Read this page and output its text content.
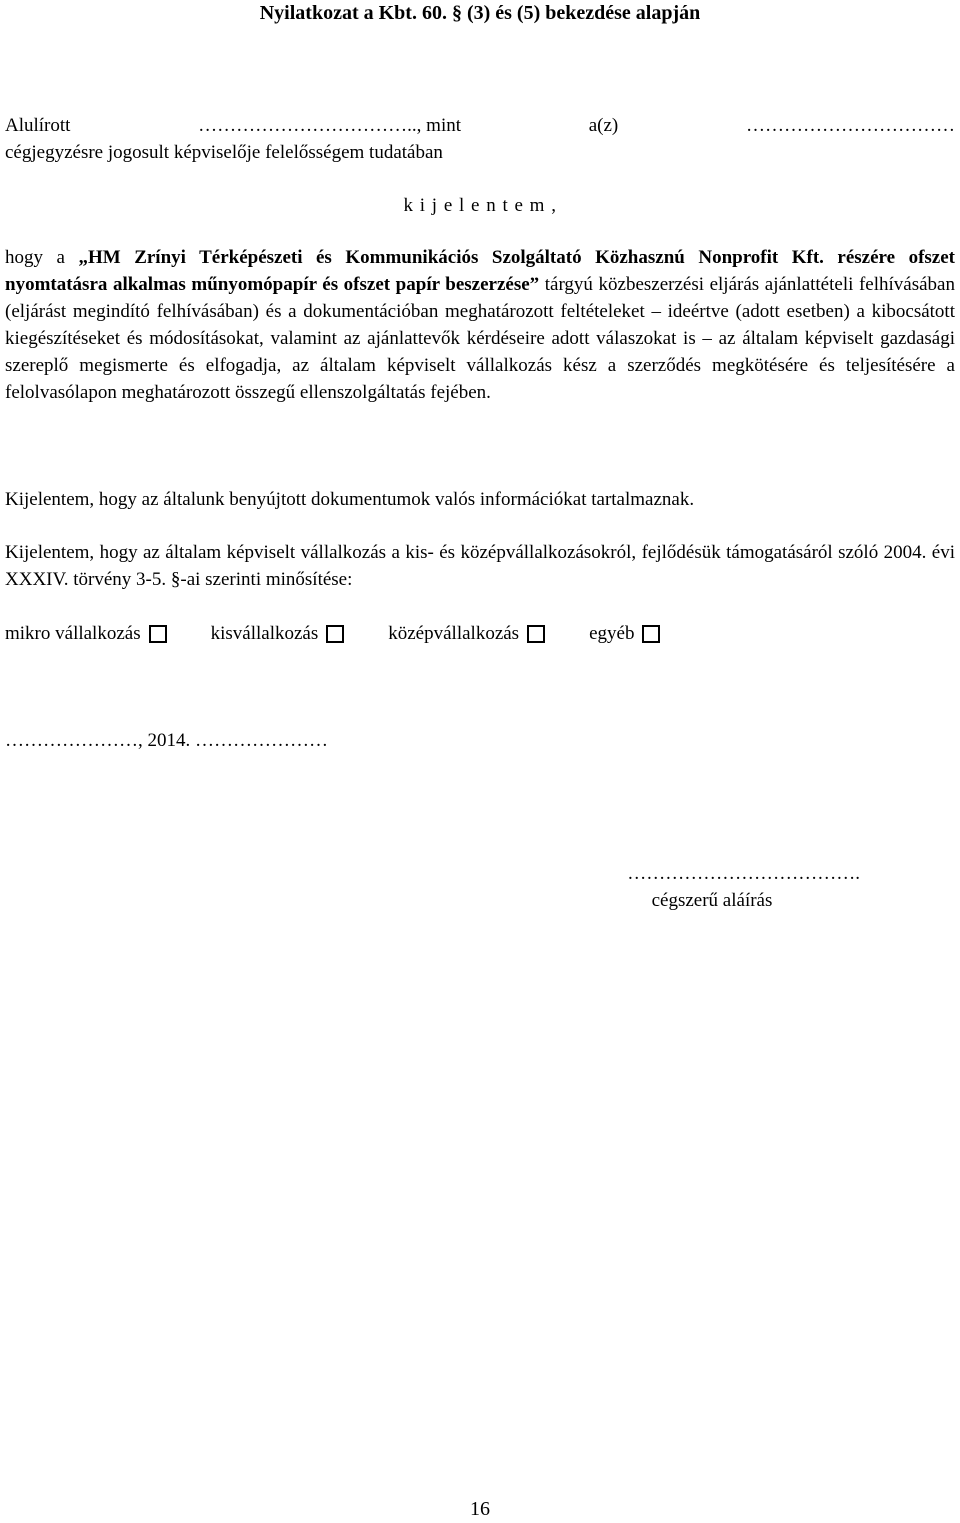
Nyilatkozat a Kbt. 60. § (3) és (5) bekezdése alapján
Alulírott	…………………………….., mint	a(z)	……………………………
cégjegyzésre jogosult képviselője felelősségem tudatában
k i j e l e n t e m ,
hogy a „HM Zrínyi Térképészeti és Kommunikációs Szolgáltató Közhasznú Nonprofit Kft. részére ofszet nyomtatásra alkalmas műnyomópapír és ofszet papír beszerzése” tárgyú közbeszerzési eljárás ajánlattételi felhívásában (eljárást megindító felhívásában) és a dokumentációban meghatározott feltételeket – ideértve (adott esetben) a kibocsátott kiegészítéseket és módosításokat, valamint az ajánlattevők kérdéseire adott válaszokat is – az általam képviselt gazdasági szereplő megismerte és elfogadja, az általam képviselt vállalkozás kész a szerződés megkötésére és teljesítésére a felolvasólapon meghatározott összegű ellenszolgáltatás fejében.
Kijelentem, hogy az általunk benyújtott dokumentumok valós információkat tartalmaznak.
Kijelentem, hogy az általam képviselt vállalkozás a kis- és középvállalkozásokról, fejlődésük támogatásáról szóló 2004. évi XXXIV. törvény 3-5. §-ai szerinti minősítése:
mikro vállalkozás	kisvállalkozás	középvállalkozás	egyéb
…………………, 2014. …………………
……………………………….
cégszerű aláírás
16
